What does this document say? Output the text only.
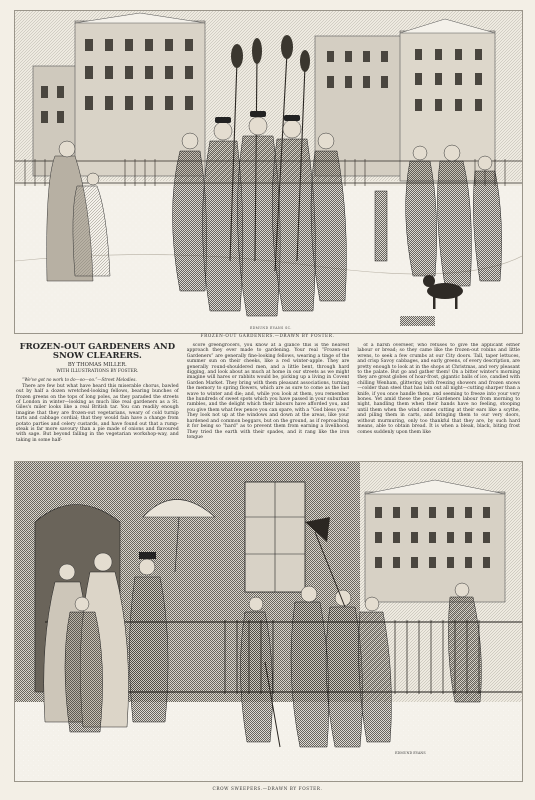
EDMUND EVANS SC.
FROZEN-OUT GARDENERS.—DRAWN BY FOSTER.
FROZEN-OUT GARDENERS AND SNOW CLEARERS.
BY THOMAS MILLER.
WITH ILLUSTRATIONS BY FOSTER.

“We've got no work to do—oo—oo.”—Street Melodies.

There are few but what have heard this miserable chorus, bawled out by half a dozen wretched-looking fellows, bearing bunches of frozen greens on the tops of long poles, as they paraded the streets of London in winter—looking as much like real gardeners as a St. Giles's miler looks like a real British tar. You can readily enough imagine that they are frozen-out vegetarians, weary of cold turnip tarts and cabbage cordial; that they would fain have a change from potato parties and celery custards, and have found out that a rump-steak is far more savoury than a pie made of onions and flavoured with sage. But beyond falling in the vegetarian workshop-way, and taking in some half-

score greengrocers, you know at a glance this is the nearest approach they ever made to gardening. Your real “Frozen-out Gardeners” are generally fine-looking fellows, wearing a tinge of the summer sun on their cheeks, like a red winter-apple. They are generally round-shouldered men, and a little bent, through hard digging, and look about as much at home in our streets as we might imagine will hares or rabbits would be, picking up a living in Covent Garden Market. They bring with them pleasant associations, turning the memory to spring flowers, which are as sure to come as the last wave to winter and die; and, while you look at them, you remember the hundreds of sweet spots which you have passed in your suburban rambles, and the delight which their labours have afforded you, and you give them what few pence you can spare, with a “God bless you.” They look not up at the windows and down at the areas, like your hardened and common beggars, but on the ground, as if reproaching it for being so “hard” as to prevent them from earning a livelihood. They tried the earth with their spades, and it rang like the iron tongue

of a harsh overseer, who refuses to give the applicant either labour or bread; so they came like the frozen-out robins and little wrens, to seek a few crumbs at our City doors. Tall, taper lettuces, and crisp Savoy cabbages, and early greens, of every description, are pretty enough to look at in the shops at Christmas, and very pleasant to the palate. But go and gather them! On a bitter winter's morning they are great globes of hoar-frost, gigantic balls of ice, candied with chilling Wenham, glittering with freezing showers and frozen snows—colder than steel that has lain out all night—cutting sharper than a knife, if you once handle them, and seeming to freeze into your very bones. Yet amid these the poor Gardeners labour from morning to night, handling them when their hands have no feeling, stooping until them when the wind comes cutting at their ears like a scythe, and piling them in carts, and bringing them to our very doors, without murmuring, only too thankful that they are, by such hard means, able to obtain bread. It is when a bleak, black, biting frost comes suddenly upon them like

EDMUND EVANS
CROW SWEEPERS.—DRAWN BY FOSTER.
